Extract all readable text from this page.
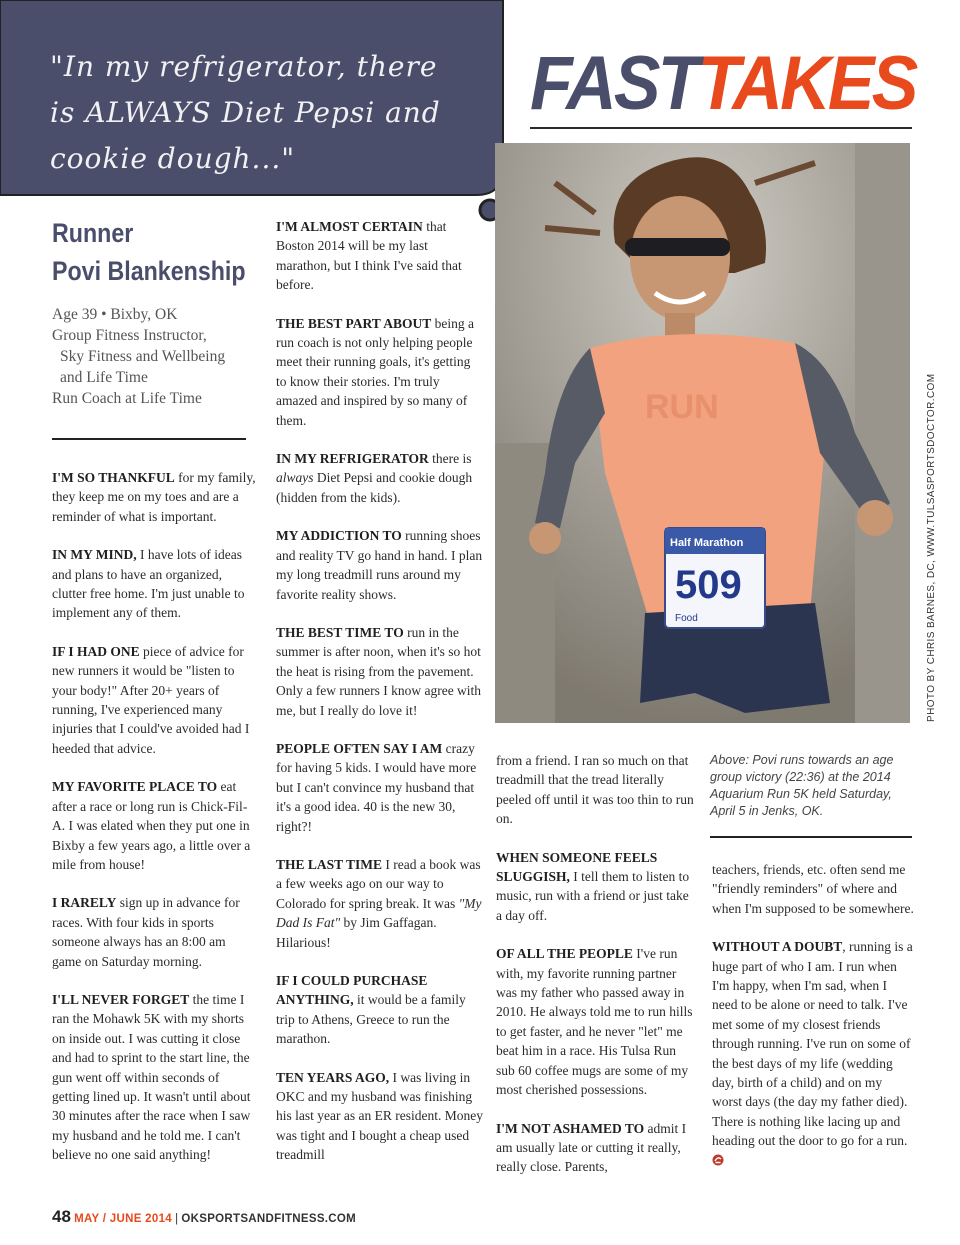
"In my refrigerator, there
is ALWAYS Diet Pepsi and
cookie dough..."
FASTTAKES
RUN
Half Marathon
509
Food	PHOTO BY CHRIS BARNES, DC, WWW.TULSASPORTSDOCTOR.COM
Runner
Povi Blankenship
Age 39 • Bixby, OK
Group Fitness Instructor,
Sky Fitness and Wellbeing
and Life Time
Run Coach at Life Time

I'M SO THANKFUL for my family, they keep me on my toes and are a reminder of what is important.

IN MY MIND, I have lots of ideas and plans to have an organized, clutter free home. I'm just unable to implement any of them.

IF I HAD ONE piece of advice for new runners it would be "listen to your body!" After 20+ years of running, I've experienced many injuries that I could've avoided had I heeded that advice.

MY FAVORITE PLACE TO eat after a race or long run is Chick-Fil-A. I was elated when they put one in Bixby a few years ago, a little over a mile from house!

I RARELY sign up in advance for races. With four kids in sports someone always has an 8:00 am game on Saturday morning.

I'LL NEVER FORGET the time I ran the Mohawk 5K with my shorts on inside out. I was cutting it close and had to sprint to the start line, the gun went off within seconds of getting lined up. It wasn't until about 30 minutes after the race when I saw my husband and he told me. I can't believe no one said anything!

I'M ALMOST CERTAIN that Boston 2014 will be my last marathon, but I think I've said that before.

THE BEST PART ABOUT being a run coach is not only helping people meet their running goals, it's getting to know their stories. I'm truly amazed and inspired by so many of them.

IN MY REFRIGERATOR there is always Diet Pepsi and cookie dough (hidden from the kids).

MY ADDICTION TO running shoes and reality TV go hand in hand. I plan my long treadmill runs around my favorite reality shows.

THE BEST TIME TO run in the summer is after noon, when it's so hot the heat is rising from the pavement. Only a few runners I know agree with me, but I really do love it!

PEOPLE OFTEN SAY I AM crazy for having 5 kids. I would have more but I can't convince my husband that it's a good idea. 40 is the new 30, right?!

THE LAST TIME I read a book was a few weeks ago on our way to Colorado for spring break. It was "My Dad Is Fat" by Jim Gaffagan. Hilarious!

IF I COULD PURCHASE ANYTHING, it would be a family trip to Athens, Greece to run the marathon.

TEN YEARS AGO, I was living in OKC and my husband was finishing his last year as an ER resident. Money was tight and I bought a cheap used treadmill

from a friend. I ran so much on that treadmill that the tread literally peeled off until it was too thin to run on.

WHEN SOMEONE FEELS SLUGGISH, I tell them to listen to music, run with a friend or just take a day off.

OF ALL THE PEOPLE I've run with, my favorite running partner was my father who passed away in 2010. He always told me to run hills to get faster, and he never "let" me beat him in a race. His Tulsa Run sub 60 coffee mugs are some of my most cherished possessions.

I'M NOT ASHAMED TO admit I am usually late or cutting it really, really close. Parents,

Above: Povi runs towards an age group victory (22:36) at the 2014 Aquarium Run 5K held Saturday, April 5 in Jenks, OK.

teachers, friends, etc. often send me "friendly reminders" of where and when I'm supposed to be somewhere.

WITHOUT A DOUBT, running is a huge part of who I am. I run when I'm happy, when I'm sad, when I need to be alone or need to talk. I've met some of my closest friends through running. I've run on some of the best days of my life (wedding day, birth of a child) and on my worst days (the day my father died). There is nothing like lacing up and heading out the door to go for a run.

48 MAY / JUNE 2014 | OKSPORTSANDFITNESS.COM
